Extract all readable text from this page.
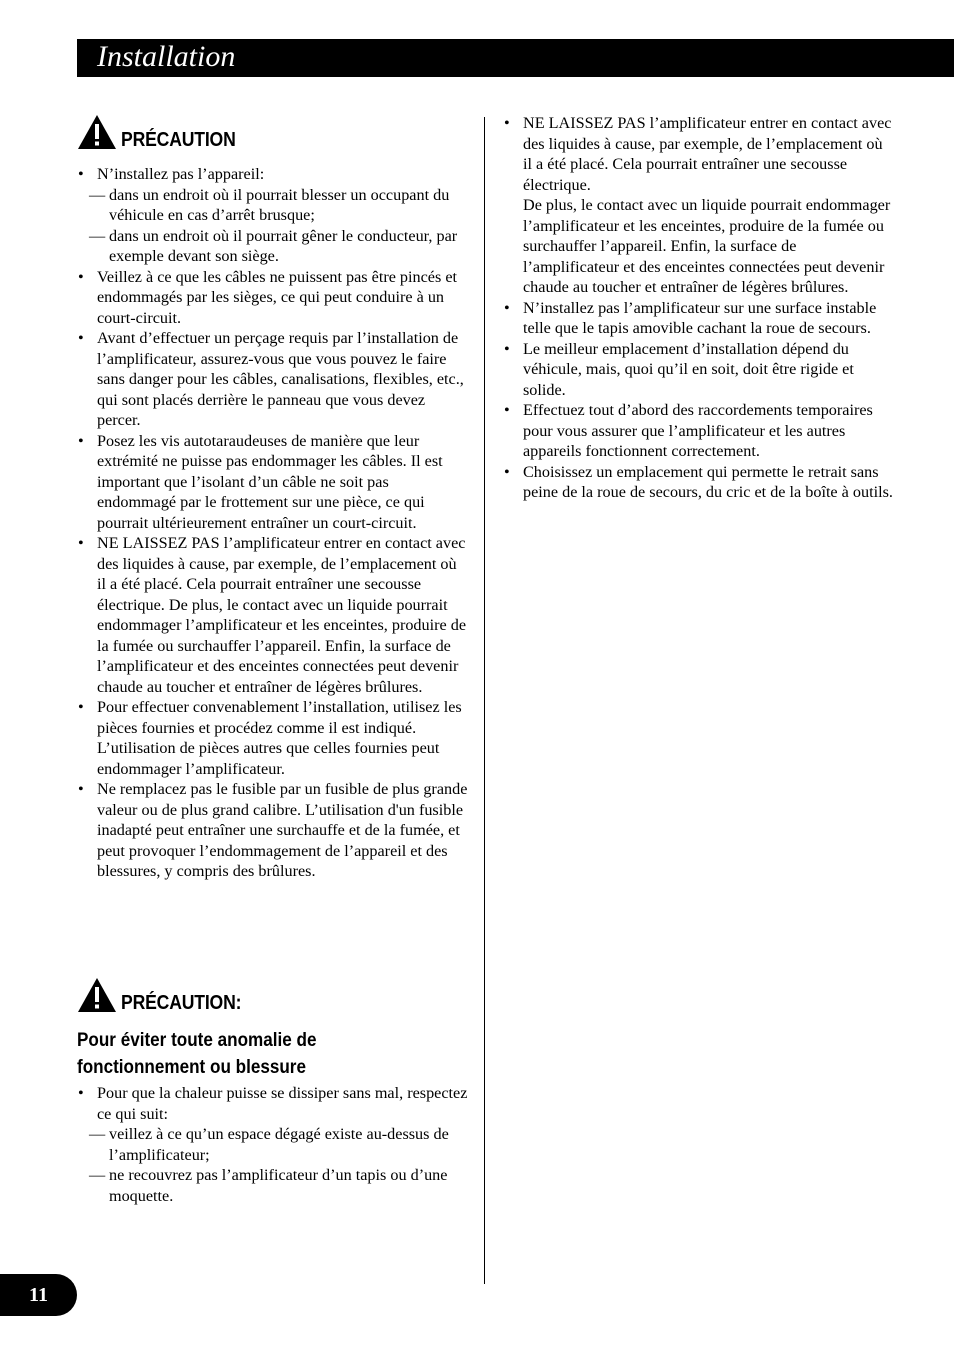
Installation
PRÉCAUTION
• N’installez pas l’appareil:
— dans un endroit où il pourrait blesser un occupant du véhicule en cas d’arrêt brusque;
— dans un endroit où il pourrait gêner le conducteur, par exemple devant son siège.
• Veillez à ce que les câbles ne puissent pas être pincés et endommagés par les sièges, ce qui peut conduire à un court-circuit.
• Avant d’effectuer un perçage requis par l’installation de l’amplificateur, assurez-vous que vous pouvez le faire sans danger pour les câbles, canalisations, flexibles, etc., qui sont placés derrière le panneau que vous devez percer.
• Posez les vis autotaraudeuses de manière que leur extrémité ne puisse pas endommager les câbles. Il est important que l’isolant d’un câble ne soit pas endommagé par le frottement sur une pièce, ce qui pourrait ultérieurement entraîner un court-circuit.
• NE LAISSEZ PAS l’amplificateur entrer en contact avec des liquides à cause, par exemple, de l’emplacement où il a été placé. Cela pourrait entraîner une secousse électrique. De plus, le contact avec un liquide pourrait endommager l’amplificateur et les enceintes, produire de la fumée ou surchauffer l’appareil. Enfin, la surface de l’amplificateur et des enceintes connectées peut devenir chaude au toucher et entraîner de légères brûlures.
• Pour effectuer convenablement l’installation, utilisez les pièces fournies et procédez comme il est indiqué. L’utilisation de pièces autres que celles fournies peut endommager l’amplificateur.
• Ne remplacez pas le fusible par un fusible de plus grande valeur ou de plus grand calibre. L’utilisation d'un fusible inadapté peut entraîner une surchauffe et de la fumée, et peut provoquer l’endommagement de l’appareil et des blessures, y compris des brûlures.
PRÉCAUTION:
Pour éviter toute anomalie de
fonctionnement ou blessure
• Pour que la chaleur puisse se dissiper sans mal, respectez ce qui suit:
— veillez à ce qu’un espace dégagé existe au-dessus de l’amplificateur;
— ne recouvrez pas l’amplificateur d’un tapis ou d’une moquette.
• NE LAISSEZ PAS l’amplificateur entrer en contact avec des liquides à cause, par exemple, de l’emplacement où il a été placé. Cela pourrait entraîner une secousse électrique.
De plus, le contact avec un liquide pourrait endommager l’amplificateur et les enceintes, produire de la fumée ou surchauffer l’appareil. Enfin, la surface de l’amplificateur et des enceintes connectées peut devenir chaude au toucher et entraîner de légères brûlures.
• N’installez pas l’amplificateur sur une surface instable telle que le tapis amovible cachant la roue de secours.
• Le meilleur emplacement d’installation dépend du véhicule, mais, quoi qu’il en soit, doit être rigide et solide.
• Effectuez tout d’abord des raccordements temporaires pour vous assurer que l’amplificateur et les autres appareils fonctionnent correctement.
• Choisissez un emplacement qui permette le retrait sans peine de la roue de secours, du cric et de la boîte à outils.
11
